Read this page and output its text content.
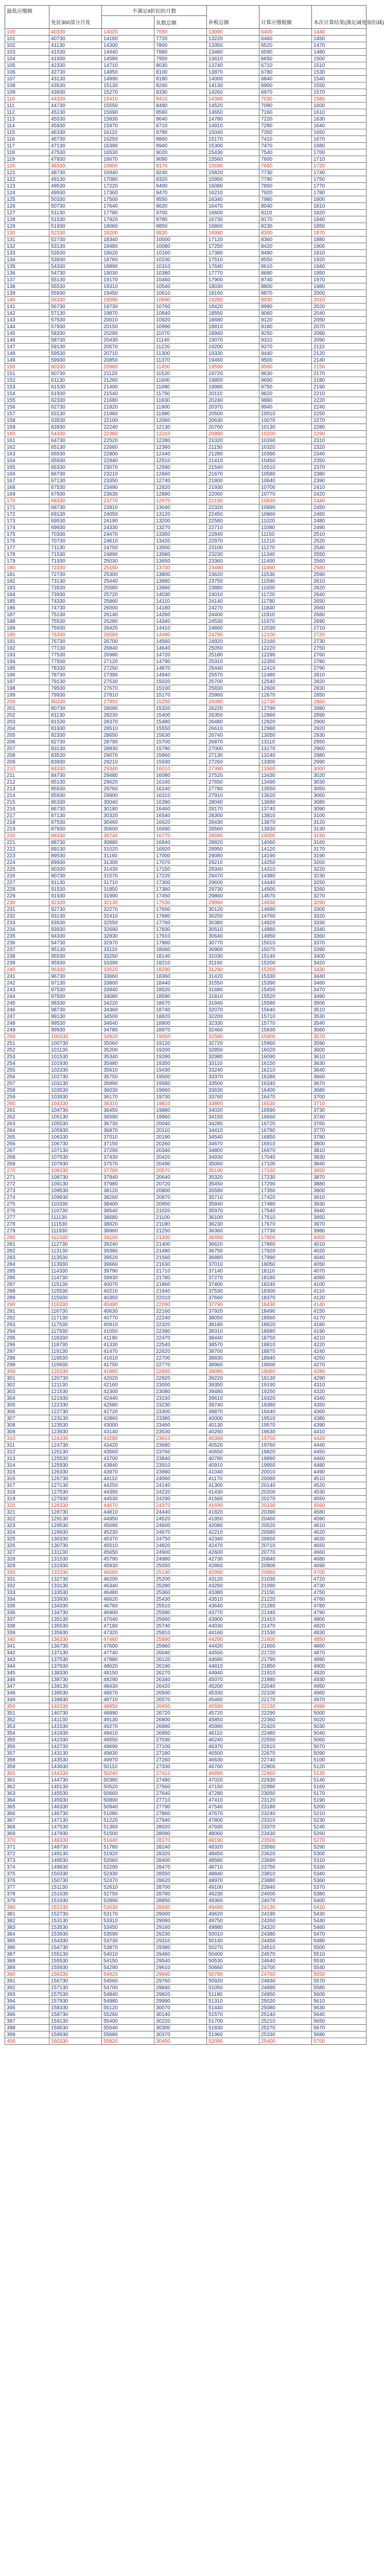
最低应缴额		不满足8折扣的月数				
	免征300部分月度		负数总额	补税总额	计算应缴税额	本次计算结果(满足减免加扣减)
100	40330	14020	7650	13090	6400	1440
101	40730	14160	7720	13220	6460	1450
102	41130	14300	7800	13350	6520	1470
103	41530	14440	7880	13480	6590	1480
104	41930	14580	7950	13610	6650	1500
105	42330	14710	8030	13740	6710	1510
106	42730	14850	8100	13870	6780	1530
107	43130	14990	8180	14000	6840	1540
108	43530	15130	8260	14130	6900	1550
109	43930	15270	8330	14260	6970	1570
110	44330	15410	8410	14390	7030	1580
111	44730	15550	8480	14520	7090	1600
112	45130	15690	8560	14650	7160	1610
113	45530	15830	8640	14780	7220	1630
114	45930	15970	8710	14910	7280	1640
115	46330	16110	8790	15040	7350	1650
116	46730	16250	8860	15170	7410	1670
117	47130	16390	8940	15300	7470	1680
118	47530	16530	9020	15430	7540	1700
119	47930	16670	9090	15560	7600	1710
120	48330	16800	9170	15690	7660	1720
121	48730	16940	9240	15820	7730	1740
122	49130	17080	9320	15950	7790	1750
123	49530	17220	9400	16080	7850	1770
124	49930	17360	9470	16210	7920	1780
125	50330	17500	9550	16340	7980	1800
126	50730	17640	9620	16470	8040	1810
127	51130	17780	9700	16600	8110	1820
128	51530	17920	9780	16730	8170	1840
129	51930	18060	9850	16860	8230	1850
130	52330	18200	9930	16990	8300	1870
131	52730	18340	10000	17120	8360	1880
132	53130	18480	10080	17250	8420	1900
133	53530	18620	10160	17380	8490	1910
134	53930	18760	10230	17510	8550	1920
135	54330	18890	10310	17640	8610	1940
136	54730	19030	10380	17770	8680	1950
137	55130	19170	10460	17900	8740	1970
138	55530	19310	10540	18030	8800	1980
139	55930	19450	10610	18160	8870	2000
140	56330	19590	10690	18290	8930	2010
141	56730	19730	10760	18420	8990	2020
142	57130	19870	10840	18550	9060	2040
143	57530	20010	10920	18680	9120	2050
144	57930	20150	10990	18810	9180	2070
145	58330	20290	11070	18940	9250	2080
146	58730	20430	11140	19070	9310	2090
147	59130	20570	11220	19200	9370	2110
148	59530	20710	11300	19330	9440	2120
149	59930	20850	11370	19460	9500	2140
150	60330	20980	11450	19590	9560	2150
151	60730	21120	11520	19720	9630	2170
152	61130	21260	11600	19850	9690	2180
153	61530	21400	11680	19980	9750	2190
154	61930	21540	11750	20110	9820	2210
155	62330	21680	11830	20240	9880	2220
156	62730	21820	11900	20370	9940	2240
157	63130	21960	11980	20500	10010	2250
158	63530	22100	12060	20630	10070	2270
159	63930	22240	12130	20760	10130	2280
160	64330	22380	12210	20890	10200	2290
161	64730	22520	12280	21020	10260	2310
162	65130	22660	12360	21150	10320	2320
163	65530	22800	12440	21280	10390	2340
164	65930	22940	12510	21410	10450	2350
165	66330	23070	12590	21540	10510	2370
166	66730	23210	12660	21670	10580	2380
167	67130	23350	12740	21800	10640	2390
168	67530	23490	12820	21930	10700	2410
169	67930	23630	12890	22060	10770	2420
170	68330	23770	12970	22190	10830	2440
171	68730	23910	13040	22320	10890	2450
172	69130	24050	13120	22450	10960	2460
173	69530	24190	13200	22580	11020	2480
174	69930	24330	13270	22710	11080	2490
175	70330	24470	13350	22840	11150	2510
176	70730	24610	13420	22970	11210	2520
177	71130	24750	13500	23100	11270	2540
178	71530	24890	13580	23230	11340	2550
179	71930	25030	13650	23360	11400	2560
180	72330	25160	13730	23490	11460	2580
181	72730	25300	13800	23620	11530	2590
182	73130	25440	13880	23750	11590	2610
183	73530	25580	13960	23880	11650	2620
184	73930	25720	14030	24010	11720	2640
185	74330	25860	14110	24140	11780	2650
186	74730	26000	14180	24270	11840	2660
187	75130	26140	14260	24400	11910	2680
188	75530	26280	14340	24530	11970	2690
189	75930	26420	14410	24660	12030	2710
190	76330	26560	14490	24790	12100	2720
191	76730	26700	14560	24920	12160	2730
192	77130	26840	14640	25050	12220	2750
193	77530	26980	14720	25180	12290	2760
194	77930	27120	14790	25310	12350	2780
195	78330	27250	14870	25440	12410	2790
196	78730	27390	14940	25570	12480	2810
197	79130	27530	15020	25700	12540	2820
198	79530	27670	15100	25830	12600	2830
199	79930	27810	15170	25960	12670	2850
200	80330	27950	15250	26090	12730	2860
201	80730	28090	15320	26220	12790	2880
202	81130	28230	15400	26350	12860	2890
203	81530	28370	15480	26480	12920	2900
204	81930	28510	15550	26610	12980	2920
205	82330	28650	15630	26740	13050	2930
206	82730	28790	15700	26870	13110	2950
207	83130	28930	15780	27000	13170	2960
208	83530	29070	15860	27130	13240	2980
209	83930	29210	15930	27260	13300	2990
210	84330	29340	16010	27390	13360	3000
211	84730	29480	16080	27520	13430	3020
212	85130	29620	16160	27650	13490	3030
213	85530	29760	16240	27780	13550	3050
214	85930	29900	16310	27910	13620	3060
215	86330	30040	16390	28040	13680	3080
216	86730	30180	16460	28170	13740	3090
217	87130	30320	16540	28300	13810	3100
218	87530	30460	16620	28430	13870	3120
219	87930	30600	16690	28560	13930	3130
220	88330	30740	16770	28690	14000	3150
221	88730	30880	16840	28820	14060	3160
222	89130	31020	16920	28950	14120	3170
223	89530	31160	17000	29080	14190	3190
224	89930	31300	17070	29210	14250	3200
225	90330	31430	17150	29340	14310	3220
226	90730	31570	17220	29470	14380	3230
227	91130	31710	17300	29600	14440	3250
228	91530	31850	17380	29730	14500	3260
229	91930	31990	17450	29860	14570	3270
230	92330	32130	17530	29990	14630	3290
231	92730	32270	17600	30120	14690	3300
232	93130	32410	17680	30250	14760	3320
233	93530	32550	17760	30380	14820	3330
234	93930	32690	17830	30510	14880	3340
235	94330	32830	17910	30640	14950	3360
236	94730	32970	17980	30770	15010	3370
237	95130	33110	18060	30900	15070	3390
238	95530	33250	18140	31030	15140	3400
239	95930	33390	18210	31160	15200	3420
240	96330	33520	18290	31290	15260	3430
241	96730	33660	18360	31420	15330	3440
242	97130	33800	18440	31550	15390	3460
243	97530	33940	18520	31680	15450	3470
244	97930	34080	18590	31810	15520	3490
245	98330	34220	18670	31940	15580	3500
246	98730	34360	18740	32070	15640	3510
247	99130	34500	18820	32200	15710	3530
248	99530	34640	18900	32330	15770	3540
249	99930	34780	18970	32460	15830	3560
250	100330	34920	19050	32590	15900	3570
251	100730	35060	19120	32720	15960	3590
252	101130	35200	19200	32850	16020	3600
253	101530	35340	19280	32980	16090	3610
254	101930	35480	19350	33110	16150	3630
255	102330	35610	19430	33240	16210	3640
256	102730	35750	19500	33370	16280	3660
257	103130	35890	19580	33500	16340	3670
258	103530	36030	19660	33630	16400	3680
259	103930	36170	19730	33760	16470	3700
260	104330	36310	19810	33890	16530	3710
261	104730	36450	19880	34020	16590	3730
262	105130	36590	19960	34150	16660	3740
263	105530	36730	20040	34280	16720	3760
264	105930	36870	20110	34410	16780	3770
265	106330	37010	20190	34540	16850	3780
266	106730	37150	20260	34670	16910	3800
267	107130	37290	20340	34800	16970	3810
268	107530	37430	20420	34930	17040	3830
269	107930	37570	20490	35060	17100	3840
270	108330	37700	20570	35190	17160	3850
271	108730	37840	20640	35320	17230	3870
272	109130	37980	20720	35450	17290	3880
273	109530	38120	20800	35580	17350	3900
274	109930	38260	20870	35710	17420	3910
275	110330	38400	20950	35840	17480	3930
276	110730	38540	21020	35970	17540	3940
277	111130	38680	21100	36100	17610	3950
278	111530	38820	21180	36230	17670	3970
279	111930	38960	21250	36360	17730	3980
280	112330	39100	21330	36490	17800	4000
281	112730	39240	21400	36620	17860	4010
282	113130	39380	21480	36750	17920	4020
283	113530	39520	21560	36880	17990	4040
284	113930	39660	21630	37010	18050	4050
285	114330	39790	21710	37140	18110	4070
286	114730	39930	21780	37270	18180	4080
287	115130	40070	21860	37400	18240	4100
288	115530	40210	21940	37530	18300	4110
289	115930	40350	22010	37660	18370	4120
290	116330	40490	22090	37790	18430	4140
291	116730	40630	22160	37920	18490	4150
292	117130	40770	22240	38050	18560	4170
293	117530	40910	22320	38180	18620	4180
294	117930	41050	22390	38310	18680	4190
295	118330	41190	22470	38440	18750	4210
296	118730	41330	22540	38570	18810	4220
297	119130	41470	22620	38700	18870	4240
298	119530	41610	22700	38830	18940	4250
299	119930	41750	22770	38960	19000	4270
300	120330	41880	22850	39090	19060	4280
301	120730	42020	22920	39220	19130	4290
302	121130	42160	23000	39350	19190	4310
303	121530	42300	23080	39480	19250	4320
304	121930	42440	23150	39610	19320	4340
305	122330	42580	23230	39740	19380	4350
306	122730	42720	23300	39870	19440	4360
307	123130	42860	23380	40000	19510	4380
308	123530	43000	23460	40130	19570	4390
309	123930	43140	23530	40260	19630	4410
310	124330	43280	23610	40390	19700	4420
311	124730	43420	23680	40520	19760	4440
312	125130	43560	23760	40650	19820	4450
313	125530	43700	23840	40780	19890	4460
314	125930	43840	23910	40910	19950	4480
315	126330	43970	23990	41040	20010	4490
316	126730	44110	24060	41170	20080	4510
317	127130	44250	24140	41300	20140	4520
318	127530	44390	24220	41430	20200	4530
319	127930	44530	24290	41560	20270	4550
320	128330	44670	24370	41690	20330	4560
321	128730	44810	24440	41820	20390	4580
322	129130	44950	24520	41950	20460	4590
323	129530	45090	24600	42080	20520	4610
324	129930	45230	24670	42210	20580	4620
325	130330	45370	24750	42340	20650	4630
326	130730	45510	24820	42470	20710	4650
327	131130	45650	24900	42600	20770	4660
328	131530	45790	24980	42730	20840	4680
329	131930	45930	25050	42860	20900	4690
330	132330	46060	25130	42990	20960	4700
331	132730	46200	25200	43120	21030	4720
332	133130	46340	25280	43250	21090	4730
333	133530	46480	25360	43380	21150	4750
334	133930	46620	25430	43510	21220	4760
335	134330	46760	25510	43640	21280	4780
336	134730	46900	25580	43770	21340	4790
337	135130	47040	25660	43900	21410	4800
338	135530	47180	25740	44030	21470	4820
339	135930	47320	25810	44160	21530	4830
340	136330	47460	25890	44290	21600	4850
341	136730	47600	25960	44420	21660	4860
342	137130	47740	26040	44550	21720	4870
343	137530	47880	26120	44680	21790	4890
344	137930	48020	26190	44810	21850	4900
345	138330	48150	26270	44940	21910	4920
346	138730	48290	26340	45070	21980	4930
347	139130	48430	26420	45200	22040	4950
348	139530	48570	26500	45330	22100	4960
349	139930	48710	26570	45460	22170	4970
350	140330	48850	26650	45590	22230	4990
351	140730	48990	26720	45720	22290	5000
352	141130	49130	26800	45850	22360	5020
353	141530	49270	26880	45980	22420	5030
354	141930	49410	26950	46110	22480	5040
355	142330	49550	27030	46240	22550	5060
356	142730	49690	27100	46370	22610	5070
357	143130	49830	27180	46500	22670	5090
358	143530	49970	27260	46630	22740	5100
359	143930	50110	27330	46760	22800	5120
360	144330	50240	27410	46890	22860	5130
361	144730	50380	27480	47020	22930	5140
362	145130	50520	27560	47150	22990	5160
363	145530	50660	27640	47280	23050	5170
364	145930	50800	27710	47410	23120	5190
365	146330	50940	27790	47540	23180	5200
366	146730	51080	27860	47670	23240	5210
367	147130	51220	27940	47800	23310	5230
368	147530	51360	28020	47930	23370	5240
369	147930	51500	28090	48060	23430	5260
370	148330	51640	28170	48190	23500	5270
371	148730	51780	28240	48320	23560	5290
372	149130	51920	28320	48450	23620	5300
373	149530	52060	28400	48580	23690	5310
374	149930	52200	28470	48710	23750	5330
375	150330	52330	28550	48840	23810	5340
376	150730	52470	28620	48970	23880	5360
377	151130	52610	28700	49100	23940	5370
378	151530	52750	28780	49230	24000	5380
379	151930	52890	28850	49360	24070	5400
380	152330	53030	28930	49490	24130	5410
381	152730	53170	29000	49620	24190	5430
382	153130	53310	29080	49750	24260	5440
383	153530	53450	29160	49880	24320	5460
384	153930	53590	29230	50010	24380	5470
385	154330	53730	29310	50140	24450	5480
386	154730	53870	29380	50270	24510	5500
387	155130	54010	29460	50400	24570	5510
388	155530	54150	29540	50530	24640	5530
389	155930	54290	29610	50660	24700	5540
390	156330	54420	29690	50790	24760	5550
391	156730	54560	29760	50920	24830	5570
392	157130	54700	29840	51050	24890	5580
393	157530	54840	29920	51180	24950	5600
394	157930	54980	29990	51310	25020	5610
395	158330	55120	30070	51440	25080	5630
396	158730	55260	30140	51570	25140	5640
397	159130	55400	30220	51700	25210	5650
398	159530	55540	30300	51830	25270	5670
399	159930	55680	30370	51960	25330	5680
400	160330	55820	30450	52090	25400	5700
